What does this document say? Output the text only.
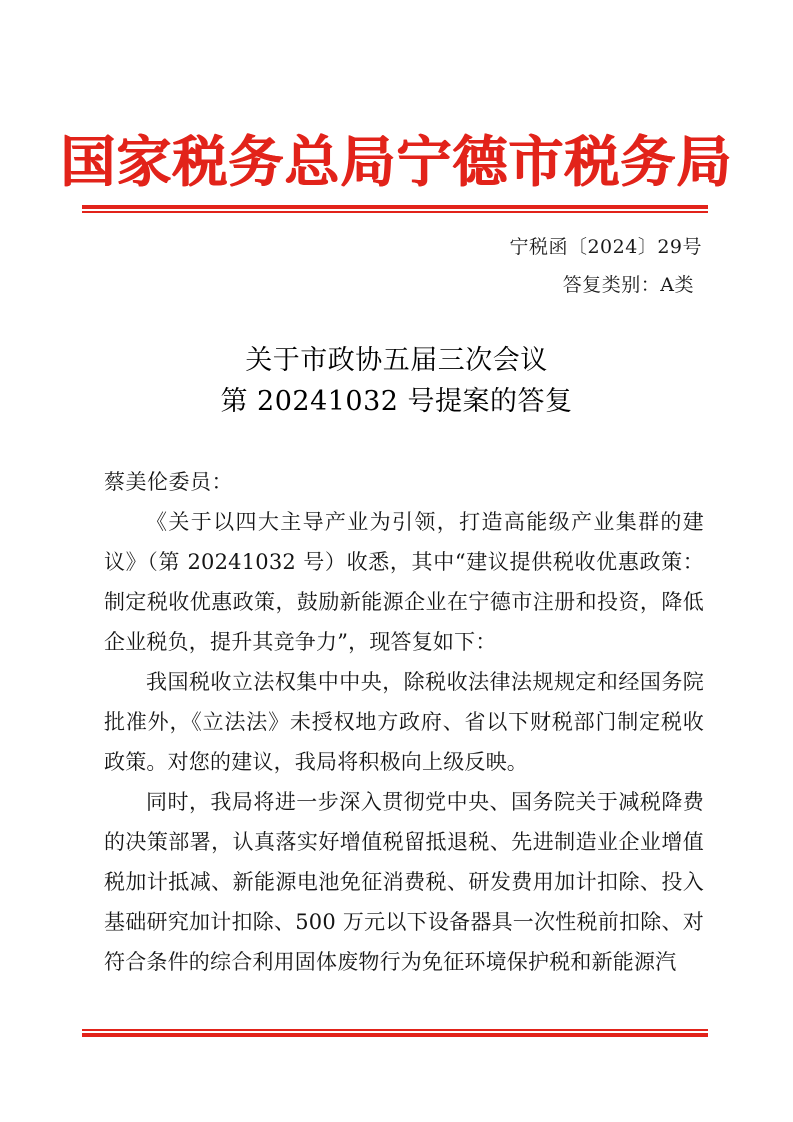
国家税务总局宁德市税务局
宁税函〔2024〕29号
答复类别：A类
关于市政协五届三次会议
第 20241032 号提案的答复

蔡美伦委员：

《关于以四大主导产业为引领，打造高能级产业集群的建议》（第 20241032 号）收悉，其中“建议提供税收优惠政策：制定税收优惠政策，鼓励新能源企业在宁德市注册和投资，降低企业税负，提升其竞争力”，现答复如下：

我国税收立法权集中中央，除税收法律法规规定和经国务院批准外，《立法法》未授权地方政府、省以下财税部门制定税收政策。对您的建议，我局将积极向上级反映。

同时，我局将进一步深入贯彻党中央、国务院关于减税降费的决策部署，认真落实好增值税留抵退税、先进制造业企业增值税加计抵减、新能源电池免征消费税、研发费用加计扣除、投入基础研究加计扣除、500 万元以下设备器具一次性税前扣除、对符合条件的综合利用固体废物行为免征环境保护税和新能源汽
